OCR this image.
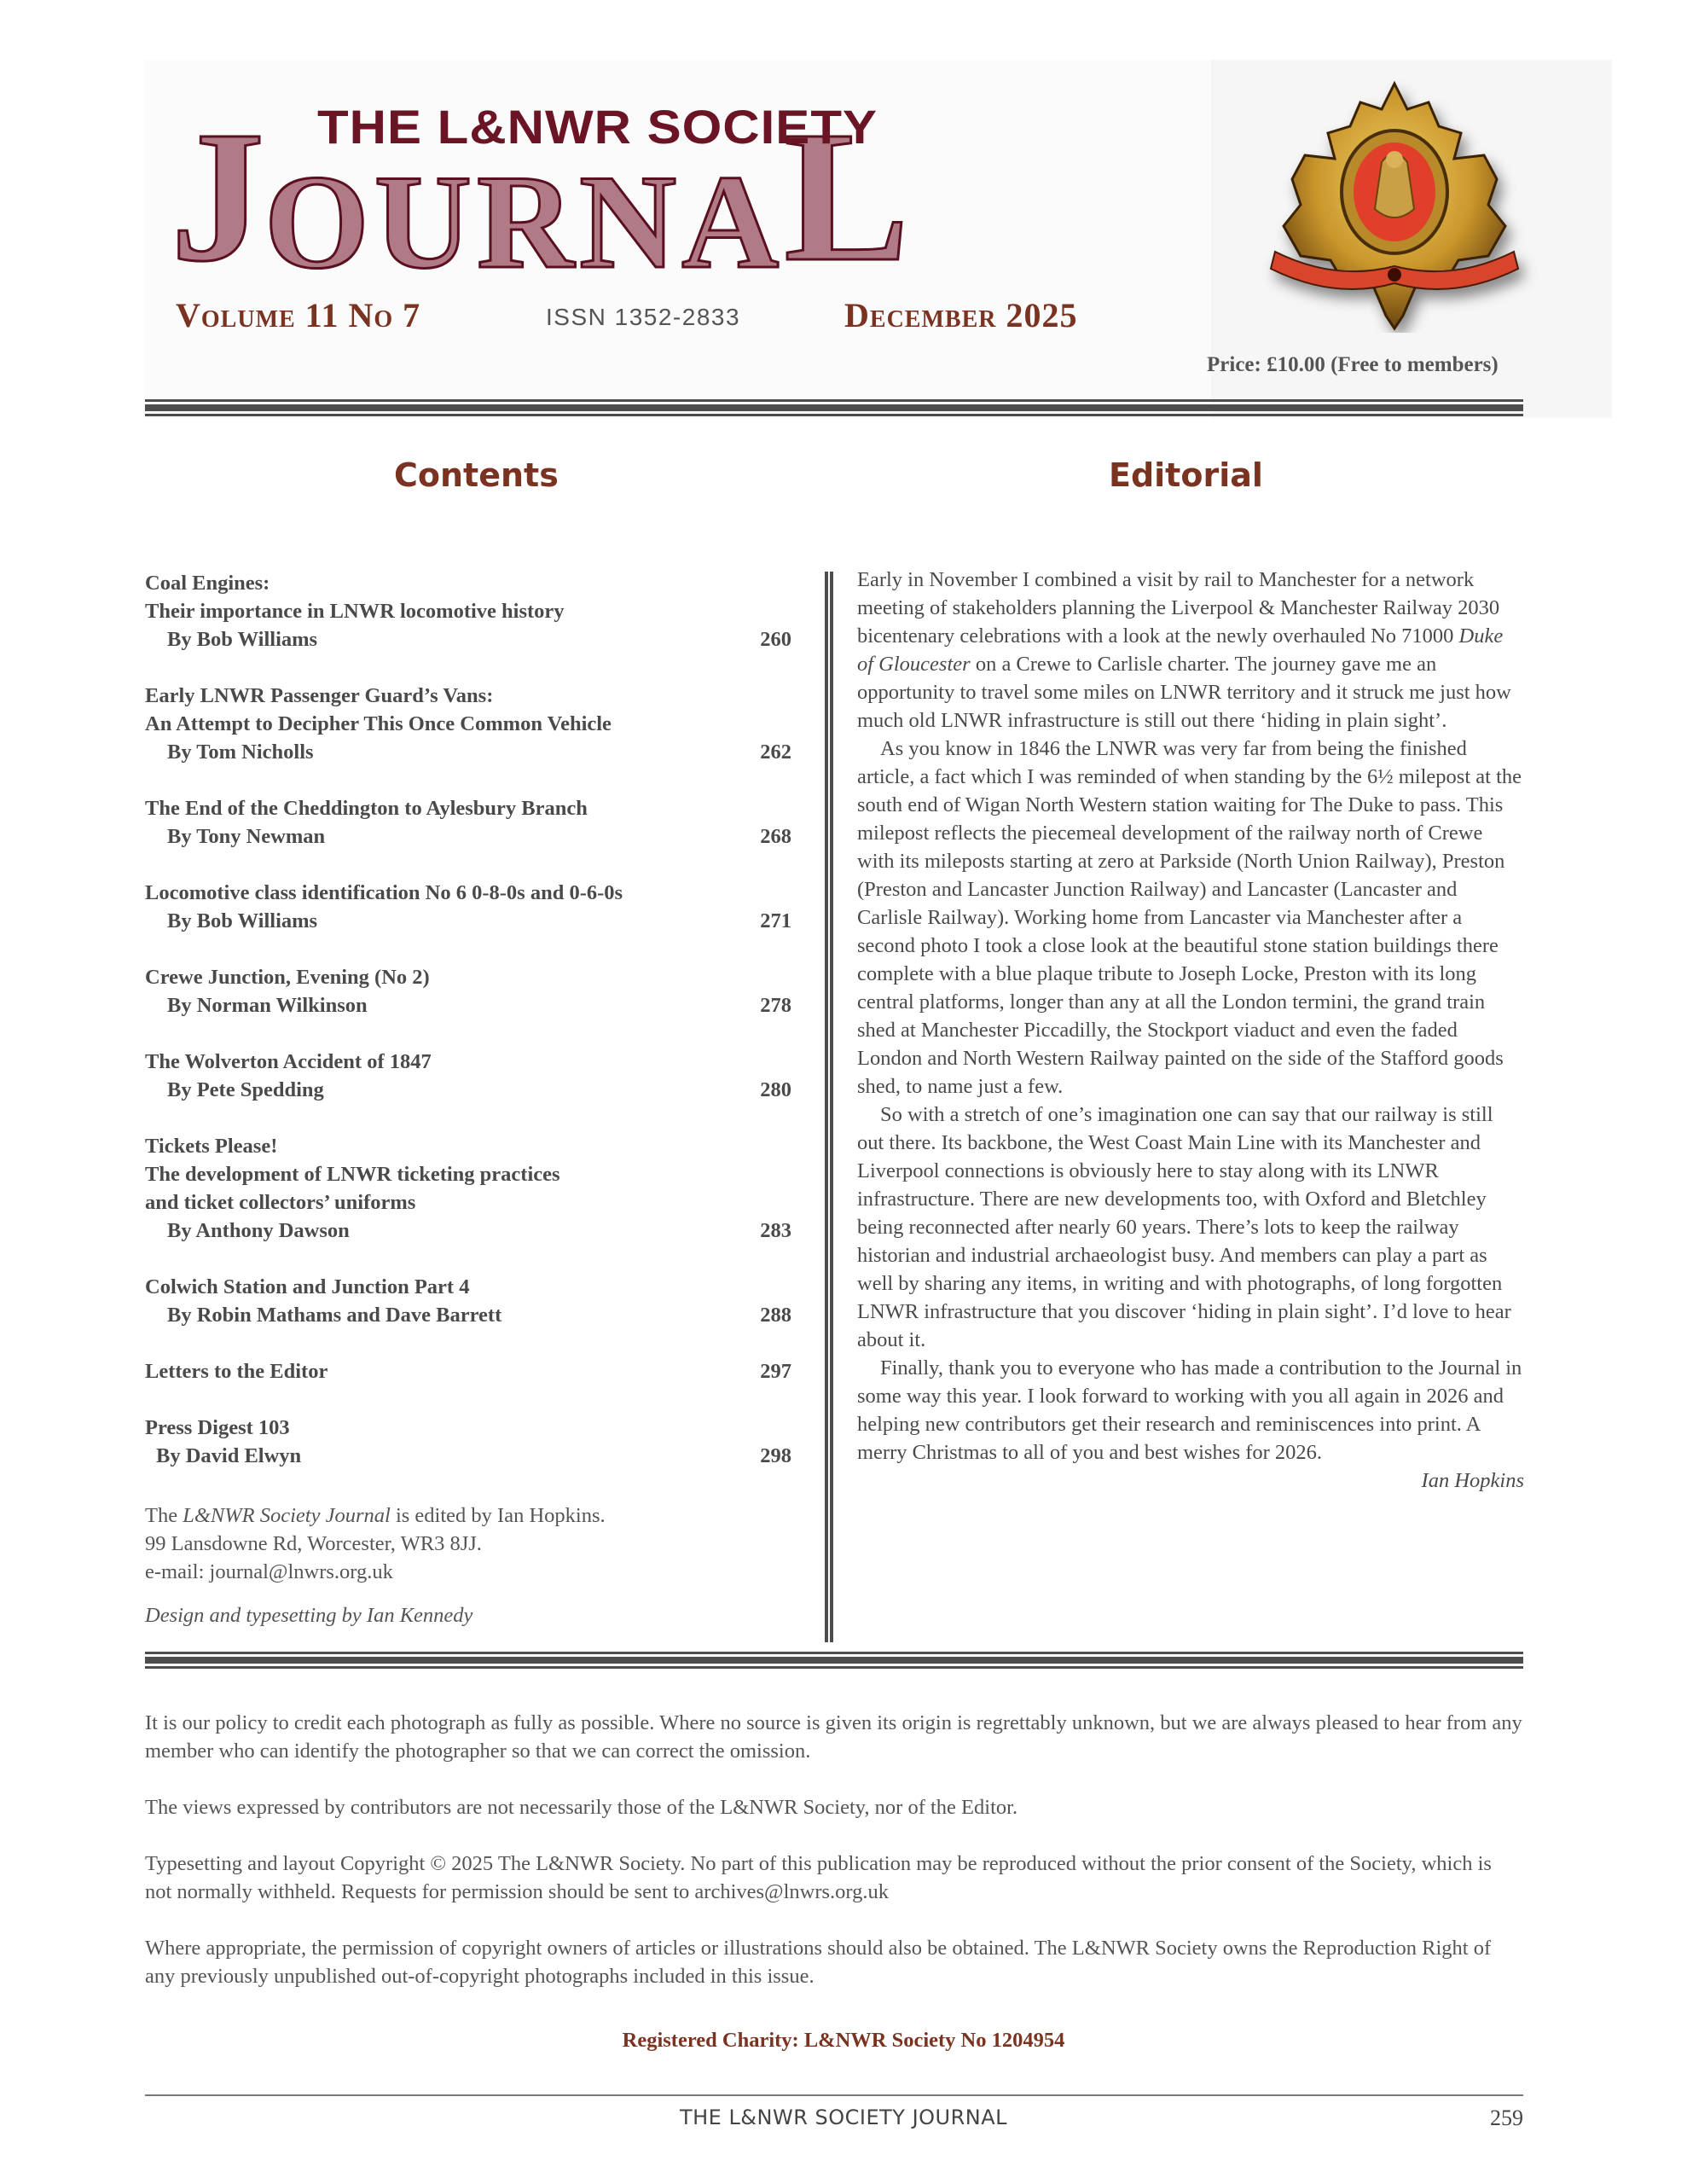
JOURNAL
THE L&NWR SOCIETY
Volume 11 No 7	ISSN 1352-2833	December 2025
Price: £10.00 (Free to members)
Contents	Editorial
Coal Engines:
Their importance in LNWR locomotive history
By Bob Williams	260
Early LNWR Passenger Guard’s Vans:
An Attempt to Decipher This Once Common Vehicle
By Tom Nicholls	262
The End of the Cheddington to Aylesbury Branch
By Tony Newman	268
Locomotive class identification No 6 0-8-0s and 0-6-0s
By Bob Williams	271
Crewe Junction, Evening (No 2)
By Norman Wilkinson	278
The Wolverton Accident of 1847
By Pete Spedding	280
Tickets Please!
The development of LNWR ticketing practices
and ticket collectors’ uniforms
By Anthony Dawson	283
Colwich Station and Junction Part 4
By Robin Mathams and Dave Barrett	288
Letters to the Editor	297
Press Digest 103
By David Elwyn	298
The L&NWR Society Journal is edited by Ian Hopkins.
99 Lansdowne Rd, Worcester, WR3 8JJ.
e-mail: journal@lnwrs.org.uk
Design and typesetting by Ian Kennedy

Early in November I combined a visit by rail to Manchester for a network meeting of stakeholders planning the Liverpool & Manchester Railway 2030 bicentenary celebrations with a look at the newly overhauled No 71000 Duke of Gloucester on a Crewe to Carlisle charter. The journey gave me an opportunity to travel some miles on LNWR territory and it struck me just how much old LNWR infrastructure is still out there ‘hiding in plain sight’.

As you know in 1846 the LNWR was very far from being the finished article, a fact which I was reminded of when standing by the 6½ milepost at the south end of Wigan North Western station waiting for The Duke to pass. This milepost reflects the piecemeal development of the railway north of Crewe with its mileposts starting at zero at Parkside (North Union Railway), Preston (Preston and Lancaster Junction Railway) and Lancaster (Lancaster and Carlisle Railway). Working home from Lancaster via Manchester after a second photo I took a close look at the beautiful stone station buildings there complete with a blue plaque tribute to Joseph Locke, Preston with its long central platforms, longer than any at all the London termini, the grand train shed at Manchester Piccadilly, the Stockport viaduct and even the faded London and North Western Railway painted on the side of the Stafford goods shed, to name just a few.

So with a stretch of one’s imagination one can say that our railway is still out there. Its backbone, the West Coast Main Line with its Manchester and Liverpool connections is obviously here to stay along with its LNWR infrastructure. There are new developments too, with Oxford and Bletchley being reconnected after nearly 60 years. There’s lots to keep the railway historian and industrial archaeologist busy. And members can play a part as well by sharing any items, in writing and with photographs, of long forgotten LNWR infrastructure that you discover ‘hiding in plain sight’. I’d love to hear about it.

Finally, thank you to everyone who has made a contribution to the Journal in some way this year. I look forward to working with you all again in 2026 and helping new contributors get their research and reminiscences into print. A merry Christmas to all of you and best wishes for 2026.

Ian Hopkins

It is our policy to credit each photograph as fully as possible. Where no source is given its origin is regrettably unknown, but we are always pleased to hear from any member who can identify the photographer so that we can correct the omission.

The views expressed by contributors are not necessarily those of the L&NWR Society, nor of the Editor.

Typesetting and layout Copyright © 2025 The L&NWR Society. No part of this publication may be reproduced without the prior consent of the Society, which is not normally withheld. Requests for permission should be sent to archives@lnwrs.org.uk

Where appropriate, the permission of copyright owners of articles or illustrations should also be obtained. The L&NWR Society owns the Reproduction Right of any previously unpublished out-of-copyright photographs included in this issue.

Registered Charity: L&NWR Society No 1204954
THE L&NWR SOCIETY JOURNAL	259
